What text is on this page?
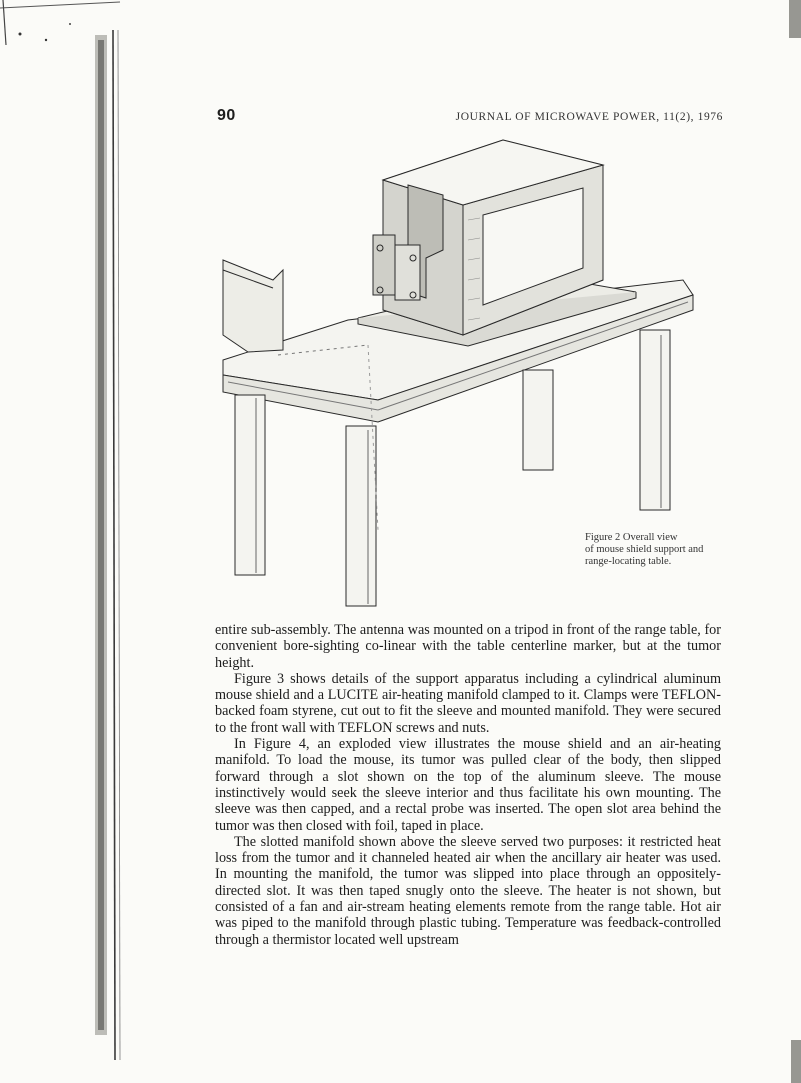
90	JOURNAL OF MICROWAVE POWER, 11(2), 1976
Figure 2 Overall view
of mouse shield support and
range-locating table.

entire sub-assembly. The antenna was mounted on a tripod in front of the range table, for convenient bore-sighting co-linear with the table centerline marker, but at the tumor height.

Figure 3 shows details of the support apparatus including a cylindrical aluminum mouse shield and a LUCITE air-heating manifold clamped to it. Clamps were TEFLON-backed foam styrene, cut out to fit the sleeve and mounted manifold. They were secured to the front wall with TEFLON screws and nuts.

In Figure 4, an exploded view illustrates the mouse shield and an air-heating manifold. To load the mouse, its tumor was pulled clear of the body, then slipped forward through a slot shown on the top of the aluminum sleeve. The mouse instinctively would seek the sleeve interior and thus facilitate his own mounting. The sleeve was then capped, and a rectal probe was inserted. The open slot area behind the tumor was then closed with foil, taped in place.

The slotted manifold shown above the sleeve served two purposes: it restricted heat loss from the tumor and it channeled heated air when the ancillary air heater was used. In mounting the manifold, the tumor was slipped into place through an oppositely-directed slot. It was then taped snugly onto the sleeve. The heater is not shown, but consisted of a fan and air-stream heating elements remote from the range table. Hot air was piped to the manifold through plastic tubing. Temperature was feedback-controlled through a thermistor located well upstream
